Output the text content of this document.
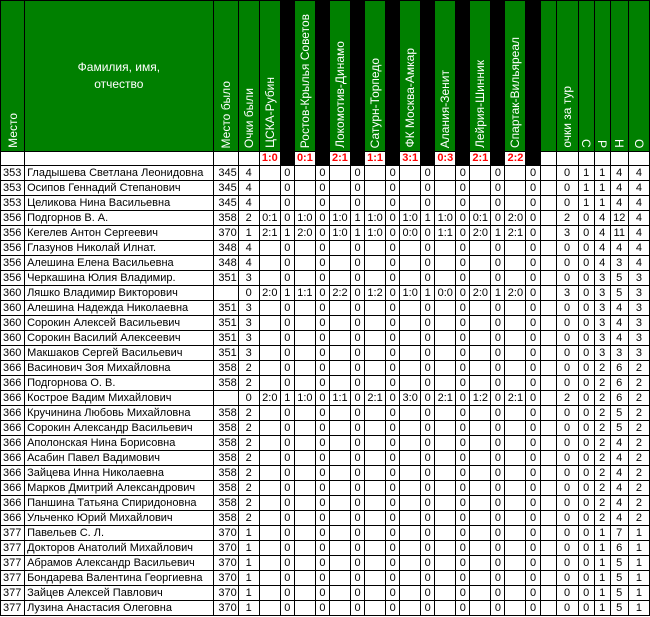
Место	Фамилия, имя, отчество	Место было	Очки были	ЦСКА-Рубин		Ростов-Крылья Советов		Локомотив-Динамо		Сатурн-Торпедо		ФК Москва-Амкар		Алания-Зенит		Лейрия-Шинник		Спартак-Вильяреал			очки за тур	С	Р	Н	О

				1:0		0:1		2:1		1:1		3:1		0:3		2:1		2:2							
353	Гладышева Светлана Леонидовна	345	4		0		0		0		0		0		0		0		0		0	1	1	4	4
353	Осипов Геннадий Степанович	345	4		0		0		0		0		0		0		0		0		0	1	1	4	4
353	Целикова Нина Васильевна	345	4		0		0		0		0		0		0		0		0		0	1	1	4	4
356	Подгорнов В. А.	358	2	0:1	0	1:0	0	1:0	1	1:0	0	1:0	1	1:0	0	0:1	0	2:0	0		2	0	4	12	4
356	Кегелев Антон Сергеевич	370	1	2:1	1	2:0	0	1:0	1	1:0	0	0:0	0	1:1	0	2:0	1	2:1	0		3	0	4	11	4
356	Глазунов Николай Илнат.	348	4		0		0		0		0		0		0		0		0		0	0	4	4	4
356	Алешина Елена Васильевна	348	4		0		0		0		0		0		0		0		0		0	0	4	3	4
356	Черкашина Юлия Владимир.	351	3		0		0		0		0		0		0		0		0		0	0	3	5	3
360	Ляшко Владимир Викторович		0	2:0	1	1:1	0	2:2	0	1:2	0	1:0	1	0:0	0	2:0	1	2:0	0		3	0	3	5	3
360	Алешина Надежда Николаевна	351	3		0		0		0		0		0		0		0		0		0	0	3	4	3
360	Сорокин Алексей Васильевич	351	3		0		0		0		0		0		0		0		0		0	0	3	4	3
360	Сорокин Василий Алексеевич	351	3		0		0		0		0		0		0		0		0		0	0	3	4	3
360	Макшаков Сергей Васильевич	351	3		0		0		0		0		0		0		0		0		0	0	3	3	3
366	Васинович Зоя Михайловна	358	2		0		0		0		0		0		0		0		0		0	0	2	6	2
366	Подгорнова О. В.	358	2		0		0		0		0		0		0		0		0		0	0	2	6	2
366	Кострое Вадим Михайлович		0	2:0	1	1:0	0	1:1	0	2:1	0	3:0	0	2:1	0	1:2	0	2:1	0		2	0	2	6	2
366	Кручинина Любовь Михайловна	358	2		0		0		0		0		0		0		0		0		0	0	2	5	2
366	Сорокин Александр Васильевич	358	2		0		0		0		0		0		0		0		0		0	0	2	5	2
366	Аполонская Нина Борисовна	358	2		0		0		0		0		0		0		0		0		0	0	2	4	2
366	Асабин Павел Вадимович	358	2		0		0		0		0		0		0		0		0		0	0	2	4	2
366	Зайцева Инна Николаевна	358	2		0		0		0		0		0		0		0		0		0	0	2	4	2
366	Марков Дмитрий Александрович	358	2		0		0		0		0		0		0		0		0		0	0	2	4	2
366	Паншина Татьяна Спиридоновна	358	2		0		0		0		0		0		0		0		0		0	0	2	4	2
366	Ульченко Юрий Михайлович	358	2		0		0		0		0		0		0		0		0		0	0	2	4	2
377	Павельев С. Л.	370	1		0		0		0		0		0		0		0		0		0	0	1	7	1
377	Докторов Анатолий Михайлович	370	1		0		0		0		0		0		0		0		0		0	0	1	6	1
377	Абрамов Александр Васильевич	370	1		0		0		0		0		0		0		0		0		0	0	1	5	1
377	Бондарева Валентина Георгиевна	370	1		0		0		0		0		0		0		0		0		0	0	1	5	1
377	Зайцев Алексей Павлович	370	1		0		0		0		0		0		0		0		0		0	0	1	5	1
377	Лузина Анастасия Олеговна	370	1		0		0		0		0		0		0		0		0		0	0	1	5	1
